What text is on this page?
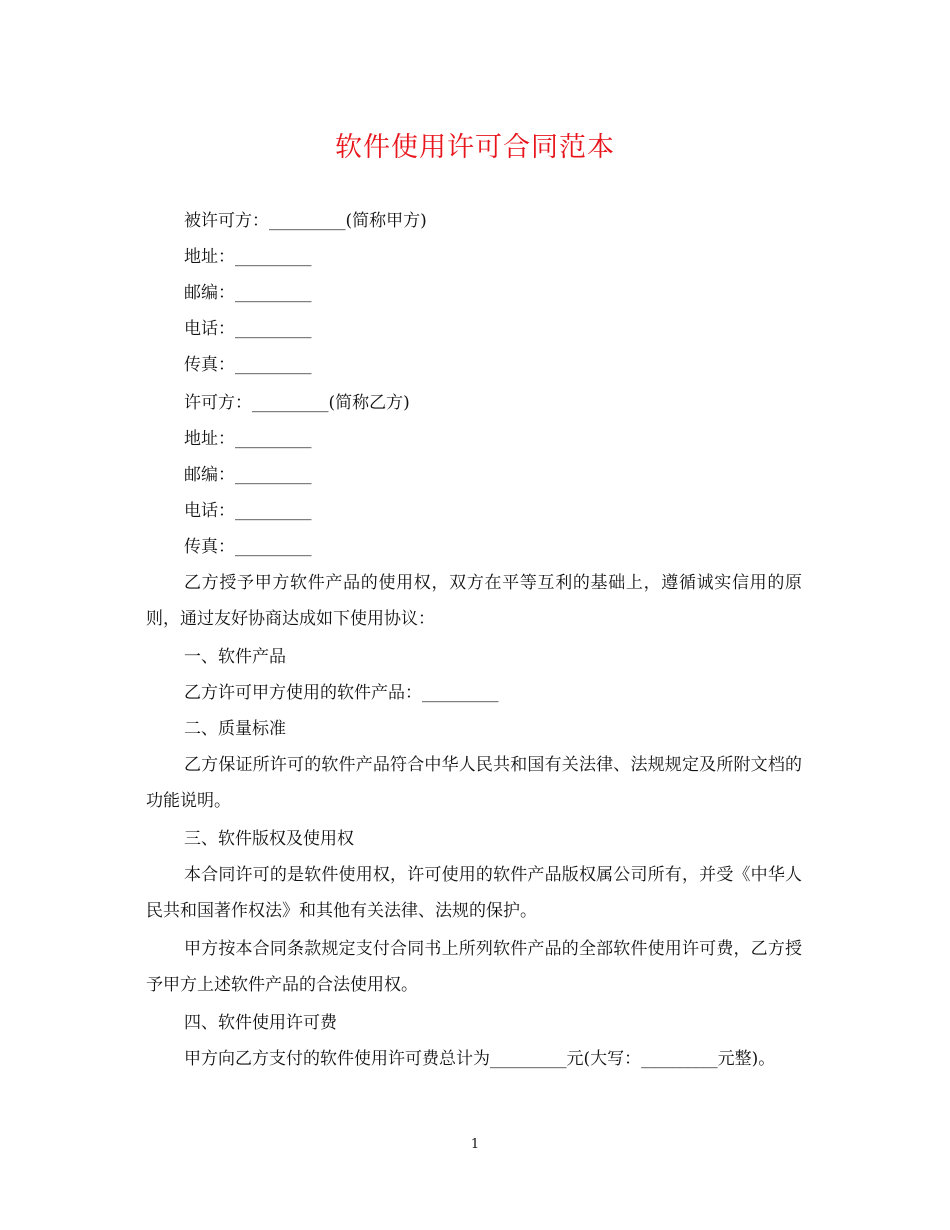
软件使用许可合同范本
被许可方：_________(简称甲方)
地址：_________
邮编：_________
电话：_________
传真：_________
许可方：_________(简称乙方)
地址：_________
邮编：_________
电话：_________
传真：_________
乙方授予甲方软件产品的使用权，双方在平等互利的基础上，遵循诚实信用的原则，通过友好协商达成如下使用协议：
一、软件产品
乙方许可甲方使用的软件产品：_________
二、质量标准
乙方保证所许可的软件产品符合中华人民共和国有关法律、法规规定及所附文档的功能说明。
三、软件版权及使用权
本合同许可的是软件使用权，许可使用的软件产品版权属公司所有，并受《中华人民共和国著作权法》和其他有关法律、法规的保护。
甲方按本合同条款规定支付合同书上所列软件产品的全部软件使用许可费，乙方授予甲方上述软件产品的合法使用权。
四、软件使用许可费
甲方向乙方支付的软件使用许可费总计为_________元(大写：_________元整)。
1
